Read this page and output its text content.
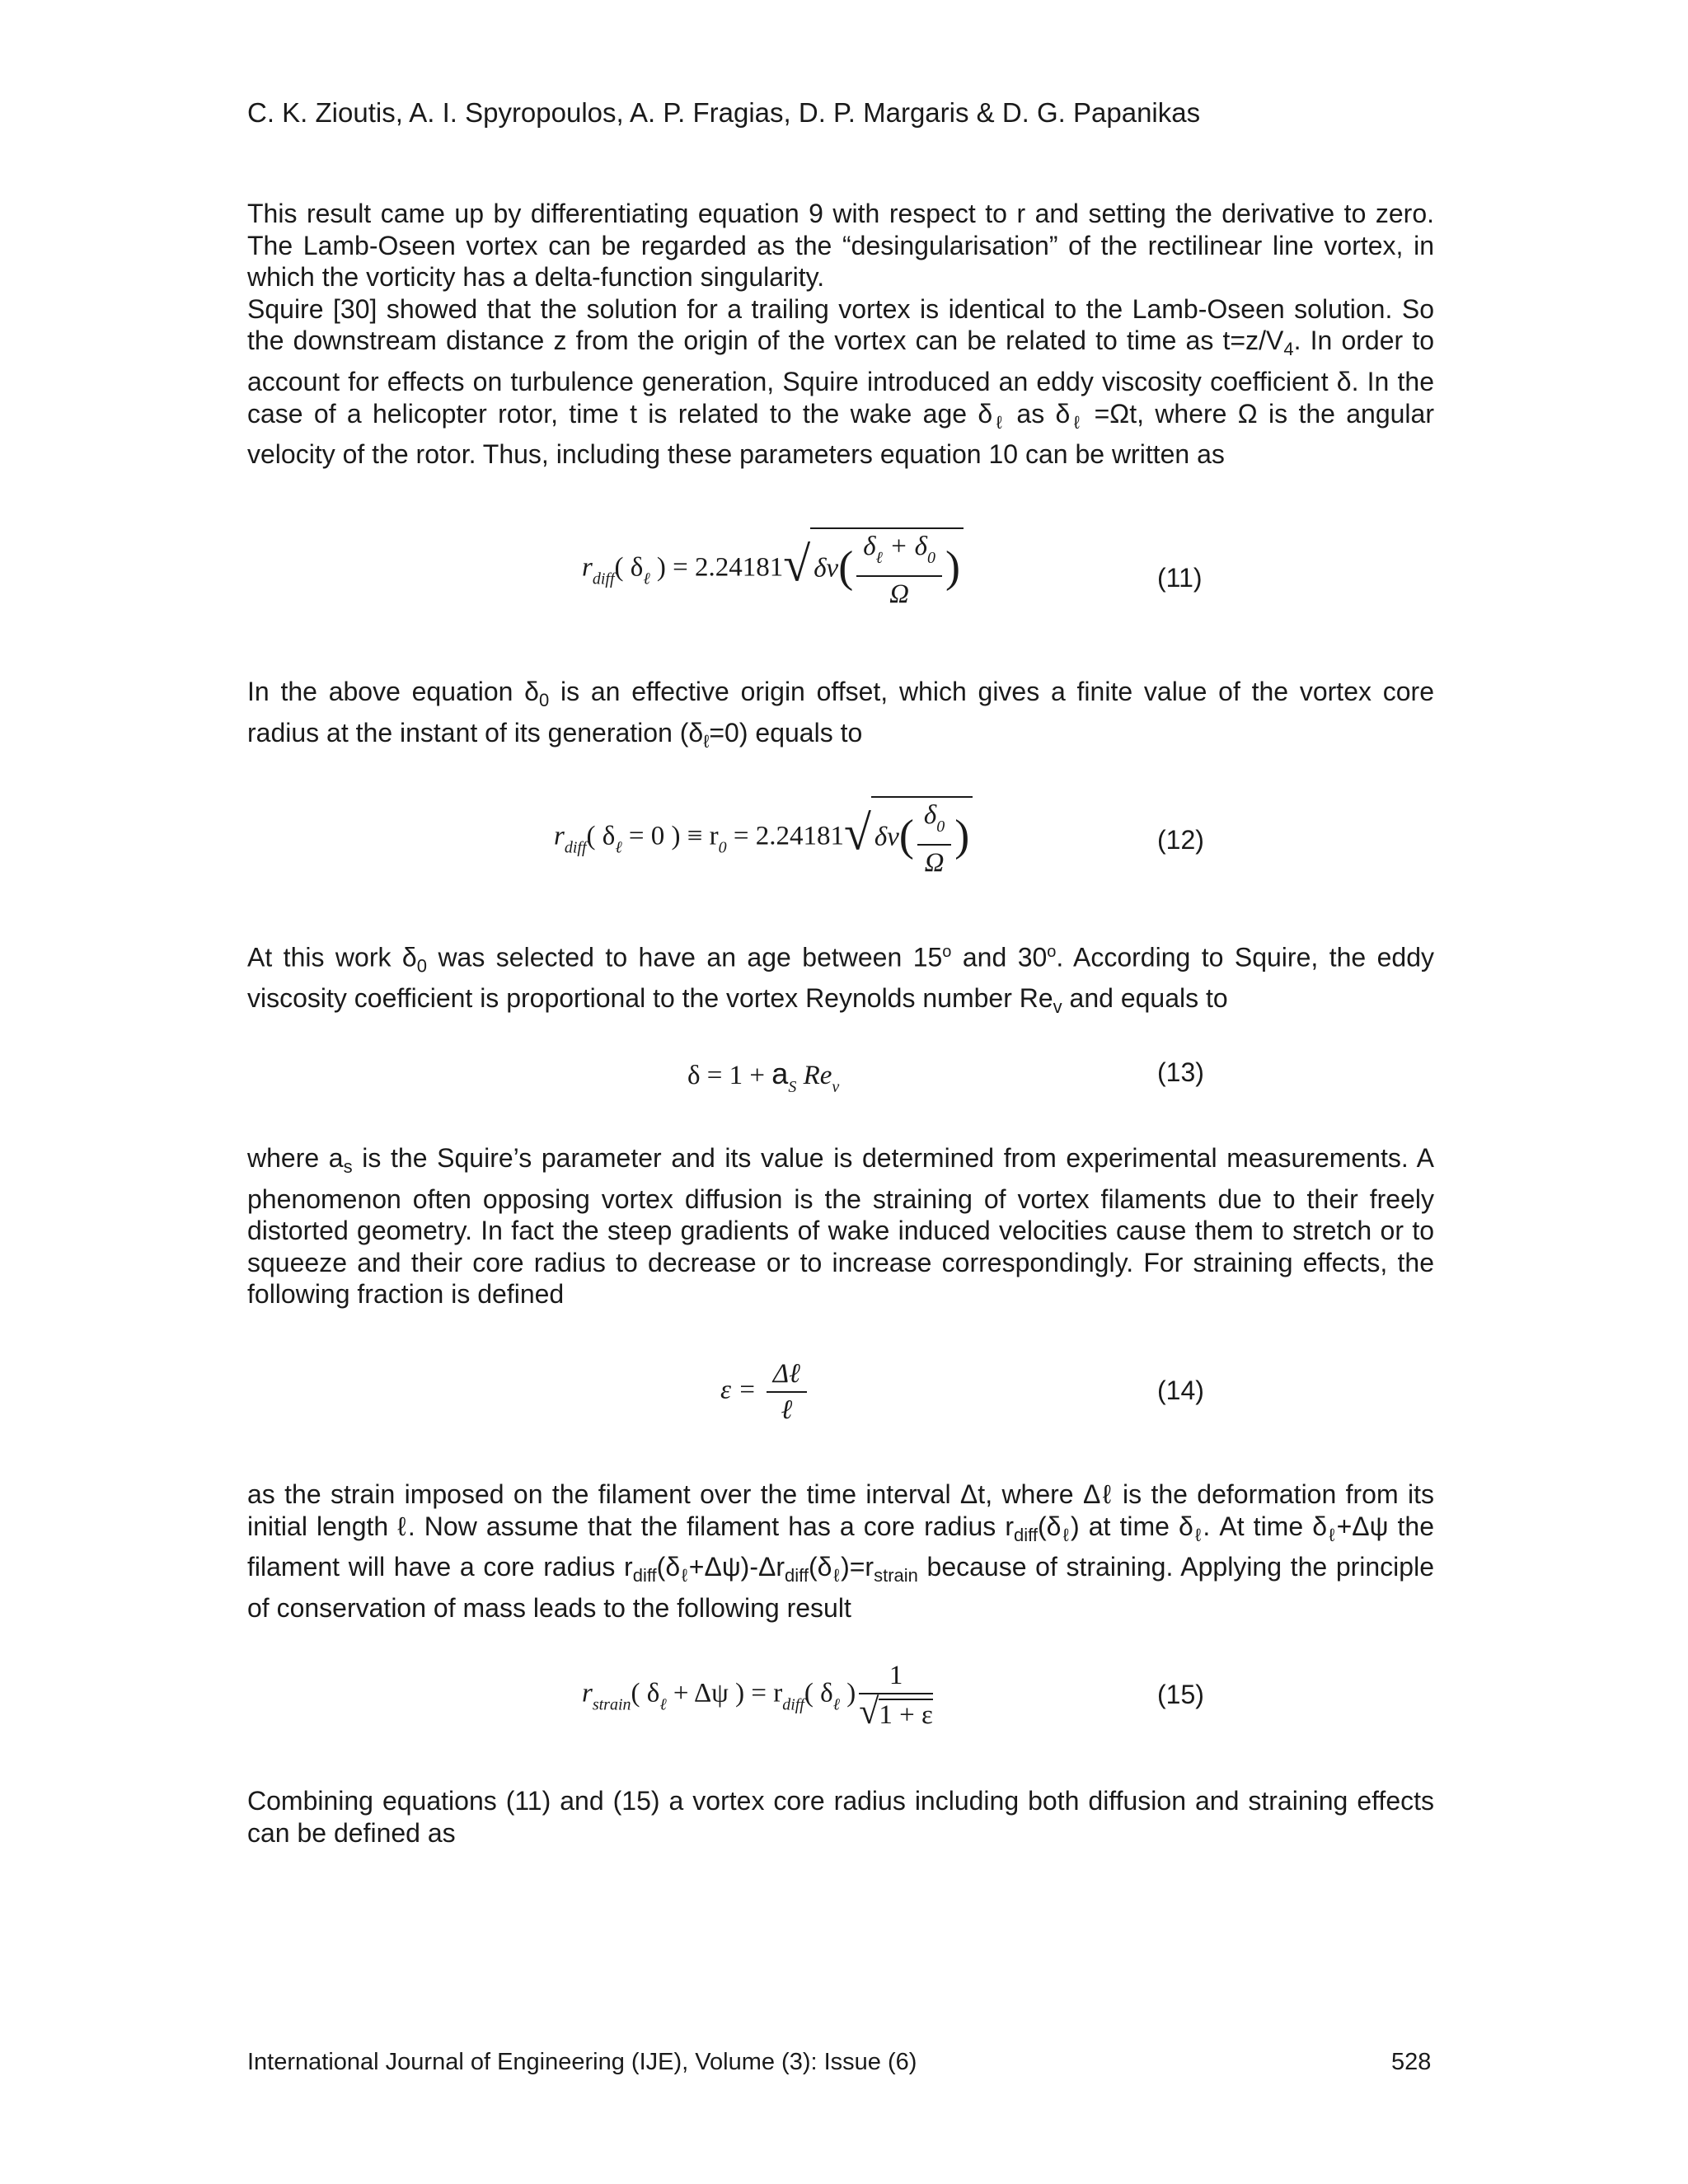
C. K. Zioutis, A. I. Spyropoulos, A. P. Fragias, D. P. Margaris & D. G. Papanikas

This result came up by differentiating equation 9 with respect to r and setting the derivative to zero. The Lamb-Oseen vortex can be regarded as the “desingularisation” of the rectilinear line vortex, in which the vorticity has a delta-function singularity.

Squire [30] showed that the solution for a trailing vortex is identical to the Lamb-Oseen solution. So the downstream distance z from the origin of the vortex can be related to time as $t=z/V_4$. In order to account for effects on turbulence generation, Squire introduced an eddy viscosity coefficient δ. In the case of a helicopter rotor, time t is related to the wake age $\delta_\ell$ as $\delta_\ell =\Omega t$, where Ω is the angular velocity of the rotor. Thus, including these parameters equation 10 can be written as

$r_{diff}$( $\delta_\ell$ ) = 2.24181√ $\delta\nu( \frac{\delta_\ell + \delta_0}{\Omega}$ )	(11)

In the above equation $\delta_0$ is an effective origin offset, which gives a finite value of the vortex core radius at the instant of its generation $(\delta_\ell=0)$ equals to

$r_{diff}$( $\delta_\ell = 0$ ) ≡ $r_0 = 2.24181√$ $\delta\nu( \frac{\delta_0}{\Omega}$ )	(12)

At this work $\delta_0$ was selected to have an age between 15$^o$ and 30$^o$. According to Squire, the eddy viscosity coefficient is proportional to the vortex Reynolds number $Re_v$ and equals to

$\delta = 1 + a_S$ $Re_v$	(13)

where $a_s$ is the Squire’s parameter and its value is determined from experimental measurements. A phenomenon often opposing vortex diffusion is the straining of vortex filaments due to their freely distorted geometry. In fact the steep gradients of wake induced velocities cause them to stretch or to squeeze and their core radius to decrease or to increase correspondingly. For straining effects, the following fraction is defined

$\varepsilon = \frac{\text{Δℓ}}{\text{ℓ}}$	(14)

as the strain imposed on the filament over the time interval Δt, where Δℓ is the deformation from its initial length ℓ. Now assume that the filament has a core radius $r_{diff}(\delta_\ell)$ at time $\delta_\ell$. At time $\delta_\ell+\Delta\psi$ the filament will have a core radius $r_{diff}(\delta_\ell+\Delta\psi)-\Delta r_{diff}(\delta_\ell)=r_{strain}$ because of straining. Applying the principle of conservation of mass leads to the following result

$r_{strain}$( $\delta_\ell + \Delta\psi$ ) = $r_{diff}$( $\delta_\ell$ ) $\frac{1}{√1 + \varepsilon}$	(15)

Combining equations (11) and (15) a vortex core radius including both diffusion and straining effects can be defined as

International Journal of Engineering (IJE), Volume (3): Issue (6)	528
